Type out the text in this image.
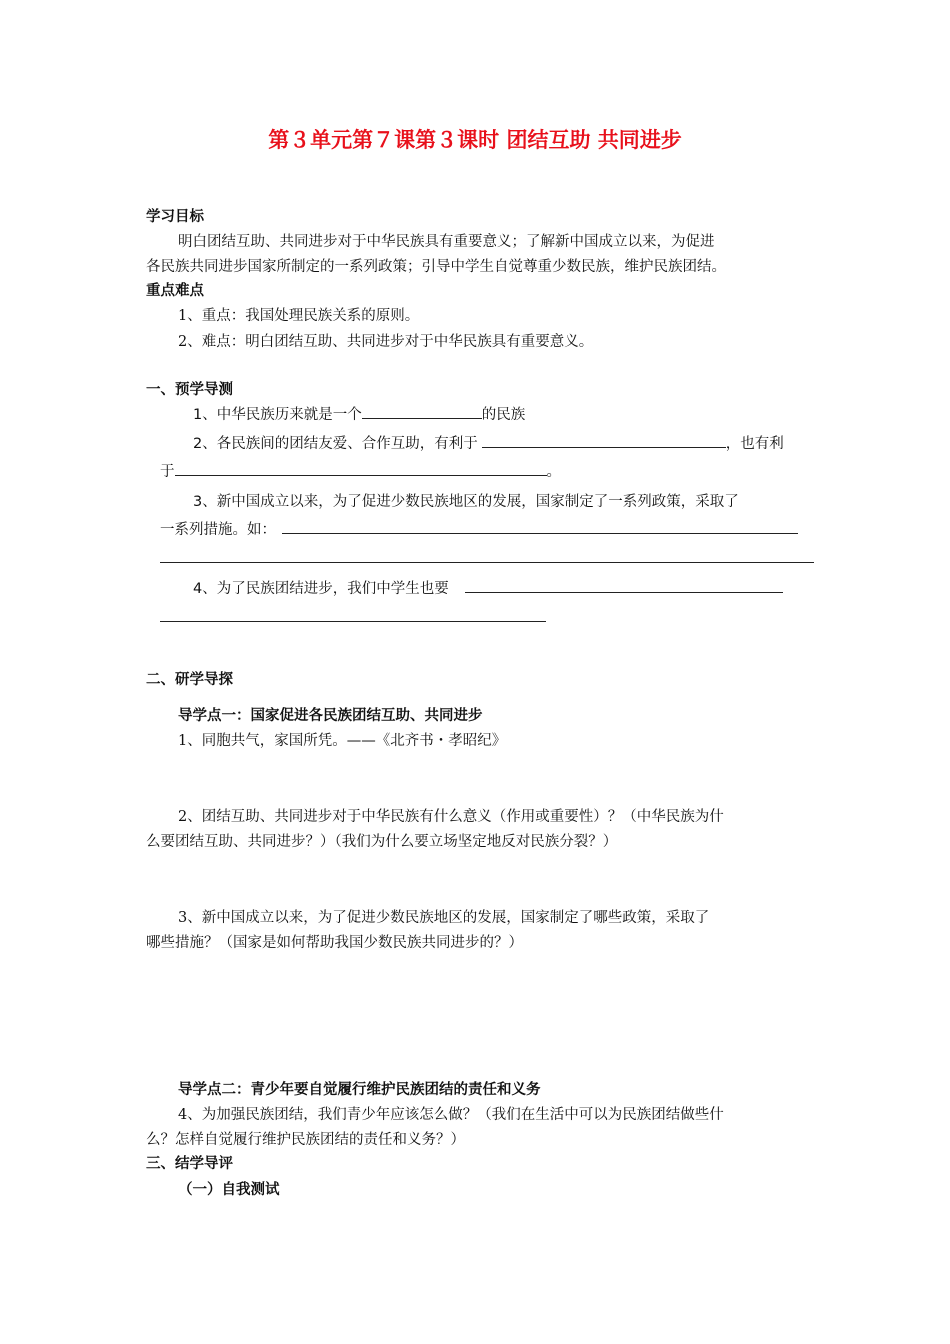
第３单元第７课第３课时 团结互助 共同进步
学习目标
明白团结互助、共同进步对于中华民族具有重要意义；了解新中国成立以来，为促进
各民族共同进步国家所制定的一系列政策；引导中学生自觉尊重少数民族，维护民族团结。
重点难点
1、重点：我国处理民族关系的原则。
2、难点：明白团结互助、共同进步对于中华民族具有重要意义。
一、预学导测
1、中华民族历来就是一个	的民族
2、各民族间的团结友爱、合作互助，有利于	，也有利
于	。
3、新中国成立以来，为了促进少数民族地区的发展，国家制定了一系列政策，采取了
一系列措施。如：
4、为了民族团结进步，我们中学生也要
二、研学导探
导学点一：国家促进各民族团结互助、共同进步
1、同胞共气，家国所凭。——《北齐书・孝昭纪》
2、团结互助、共同进步对于中华民族有什么意义（作用或重要性）？（中华民族为什
么要团结互助、共同进步？）（我们为什么要立场坚定地反对民族分裂？）
3、新中国成立以来，为了促进少数民族地区的发展，国家制定了哪些政策，采取了
哪些措施？（国家是如何帮助我国少数民族共同进步的？）
导学点二：青少年要自觉履行维护民族团结的责任和义务
4、为加强民族团结，我们青少年应该怎么做？（我们在生活中可以为民族团结做些什
么？怎样自觉履行维护民族团结的责任和义务？）
三、结学导评
（一）自我测试
